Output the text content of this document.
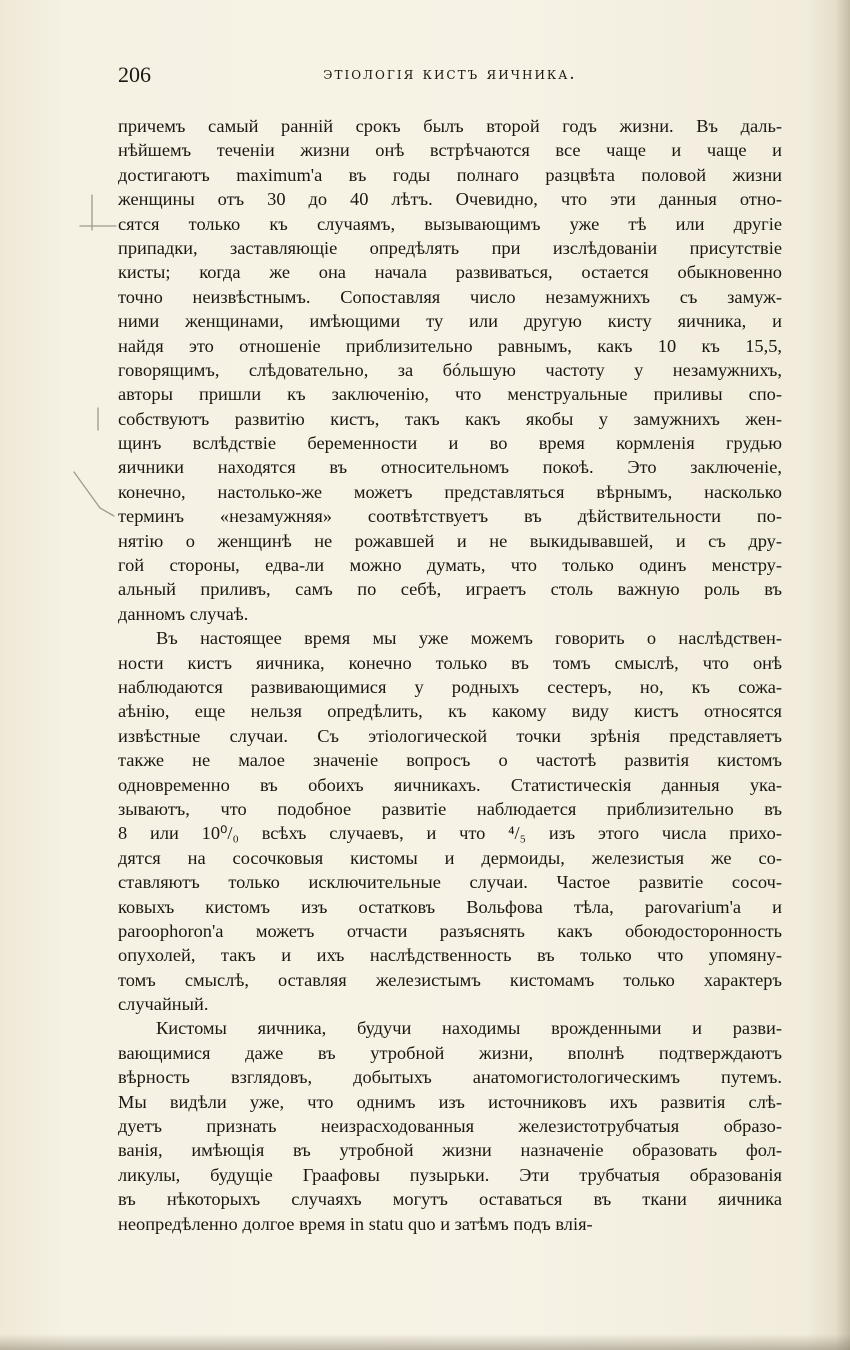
206	этiологiя кистъ яичника.
причемъ самый раннiй срокъ былъ второй годъ жизни. Въ даль-
нѣйшемъ теченiи жизни онѣ встрѣчаются все чаще и чаще и
достигаютъ maximum'а въ годы полнаго разцвѣта половой жизни
женщины отъ 30 до 40 лѣтъ. Очевидно, что эти данныя отно-
сятся только къ случаямъ, вызывающимъ уже тѣ или другiе
припадки, заставляющiе опредѣлять при изслѣдованiи присутствiе
кисты; когда же она начала развиваться, остается обыкновенно
точно неизвѣстнымъ. Сопоставляя число незамужнихъ съ замуж-
ними женщинами, имѣющими ту или другую кисту яичника, и
найдя это отношенiе приблизительно равнымъ, какъ 10 къ 15,5,
говорящимъ, слѣдовательно, за бóльшую частоту у незамужнихъ,
авторы пришли къ заключенiю, что менструальные приливы спо-
собствуютъ развитiю кистъ, такъ какъ якобы у замужнихъ жен-
щинъ вслѣдствiе беременности и во время кормленiя грудью
яичники находятся въ относительномъ покоѣ. Это заключенiе,
конечно, настолько-же можетъ представляться вѣрнымъ, насколько
терминъ «незамужняя» соотвѣтствуетъ въ дѣйствительности по-
нятiю о женщинѣ не рожавшей и не выкидывавшей, и съ дру-
гой стороны, едва-ли можно думать, что только одинъ менстру-
альный приливъ, самъ по себѣ, играетъ столь важную роль въ
данномъ случаѣ.
Въ настоящее время мы уже можемъ говорить о наслѣдствен-
ности кистъ яичника, конечно только въ томъ смыслѣ, что онѣ
наблюдаются развивающимися у родныхъ сестеръ, но, къ сожа-
аѣнiю, еще нельзя опредѣлить, къ какому виду кистъ относятся
извѣстные случаи. Съ этiологической точки зрѣнiя представляетъ
также не малое значенiе вопросъ о частотѣ развитiя кистомъ
одновременно въ обоихъ яичникахъ. Статистическiя данныя ука-
зываютъ, что подобное развитiе наблюдается приблизительно въ
8 или 10⁰/₀ всѣхъ случаевъ, и что ⁴/₅ изъ этого числа прихо-
дятся на сосочковыя кистомы и дермоиды, железистыя же со-
ставляютъ только исключительные случаи. Частое развитiе сосоч-
ковыхъ кистомъ изъ остатковъ Вольфова тѣла, parovarium'а и
paroophoron'а можетъ отчасти разъяснять какъ обоюдосторонность
опухолей, такъ и ихъ наслѣдственность въ только что упомяну-
томъ смыслѣ, оставляя железистымъ кистомамъ только характеръ
случайный.
Кистомы яичника, будучи находимы врожденными и разви-
вающимися даже въ утробной жизни, вполнѣ подтверждаютъ
вѣрность взглядовъ, добытыхъ анатомогистологическимъ путемъ.
Мы видѣли уже, что однимъ изъ источниковъ ихъ развитiя слѣ-
дуетъ признать неизрасходованныя железистотрубчатыя образо-
ванiя, имѣющiя въ утробной жизни назначенiе образовать фол-
ликулы, будущiе Граафовы пузырьки. Эти трубчатыя образованiя
въ нѣкоторыхъ случаяхъ могутъ оставаться въ ткани яичника
неопредѣленно долгое время in statu quo и затѣмъ подъ влiя-
